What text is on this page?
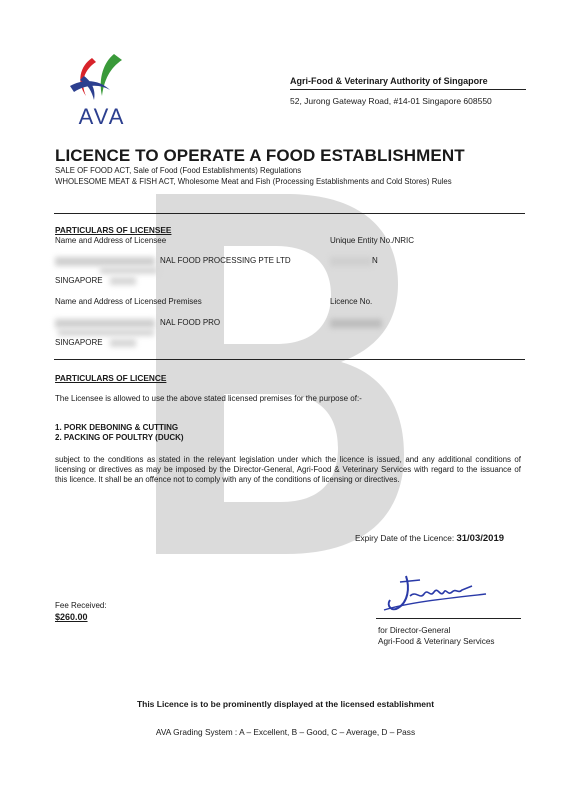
AVA
Agri-Food & Veterinary Authority of Singapore
52, Jurong Gateway Road, #14-01 Singapore 608550
LICENCE TO OPERATE A FOOD ESTABLISHMENT
SALE OF FOOD ACT, Sale of Food (Food Establishments) Regulations
WHOLESOME MEAT & FISH ACT, Wholesome Meat and Fish (Processing Establishments and Cold Stores) Rules
PARTICULARS OF LICENSEE
Name and Address of Licensee	Unique Entity No./NRIC
NAL FOOD PROCESSING PTE LTD	N
SINGAPORE
Name and Address of Licensed Premises	Licence No.
NAL FOOD PRO
SINGAPORE
PARTICULARS OF LICENCE
The Licensee is allowed to use the above stated licensed premises for the purpose of:-
1. PORK DEBONING & CUTTING
2. PACKING OF POULTRY (DUCK)
subject to the conditions as stated in the relevant legislation under which the licence is issued, and any additional conditions of licensing or directives as may be imposed by the Director-General, Agri-Food & Veterinary Services with regard to the issuance of this licence. It shall be an offence not to comply with any of the conditions of licensing or directives.
Expiry Date of the Licence: 31/03/2019
for Director-General
Agri-Food & Veterinary Services
Fee Received:
$260.00
This Licence is to be prominently displayed at the licensed establishment
AVA Grading System : A – Excellent, B – Good, C – Average, D – Pass
